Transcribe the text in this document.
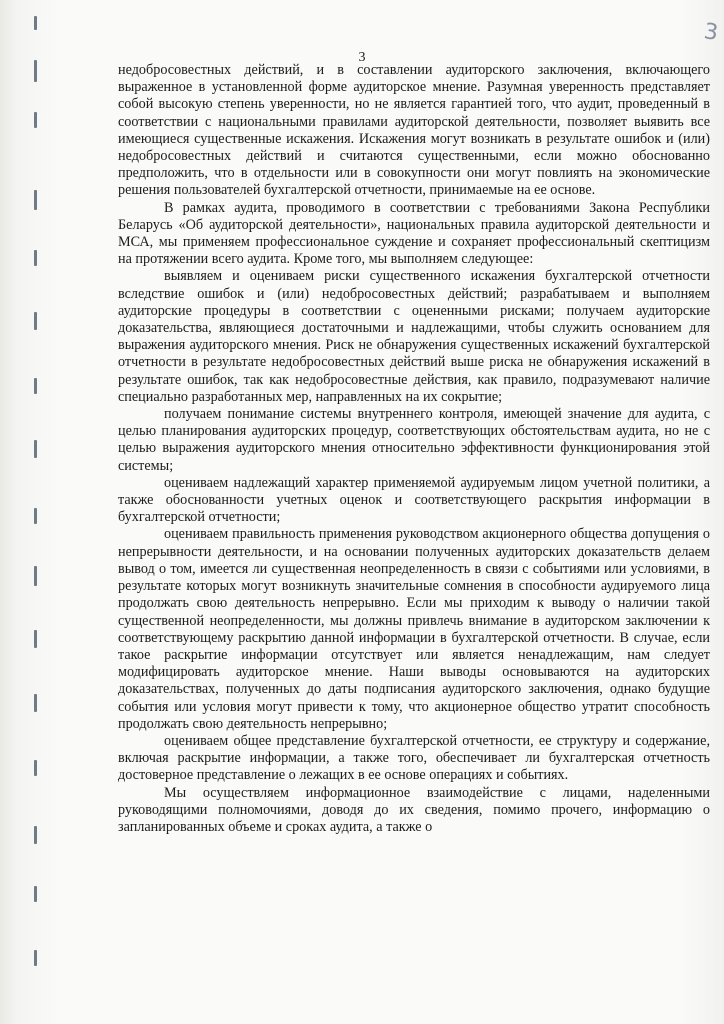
3
3

недобросовестных действий, и в составлении аудиторского заключения, включающего выраженное в установленной форме аудиторское мнение. Разумная уверенность представляет собой высокую степень уверенности, но не является гарантией того, что аудит, проведенный в соответствии с национальными правилами аудиторской деятельности, позволяет выявить все имеющиеся существенные искажения. Искажения могут возникать в результате ошибок и (или) недобросовестных действий и считаются существенными, если можно обоснованно предположить, что в отдельности или в совокупности они могут повлиять на экономические решения пользователей бухгалтерской отчетности, принимаемые на ее основе.

В рамках аудита, проводимого в соответствии с требованиями Закона Республики Беларусь «Об аудиторской деятельности», национальных правила аудиторской деятельности и МСА, мы применяем профессиональное суждение и сохраняет профессиональный скептицизм на протяжении всего аудита. Кроме того, мы выполняем следующее:

выявляем и оцениваем риски существенного искажения бухгалтерской отчетности вследствие ошибок и (или) недобросовестных действий; разрабатываем и выполняем аудиторские процедуры в соответствии с оцененными рисками; получаем аудиторские доказательства, являющиеся достаточными и надлежащими, чтобы служить основанием для выражения аудиторского мнения. Риск не обнаружения существенных искажений бухгалтерской отчетности в результате недобросовестных действий выше риска не обнаружения искажений в результате ошибок, так как недобросовестные действия, как правило, подразумевают наличие специально разработанных мер, направленных на их сокрытие;

получаем понимание системы внутреннего контроля, имеющей значение для аудита, с целью планирования аудиторских процедур, соответствующих обстоятельствам аудита, но не с целью выражения аудиторского мнения относительно эффективности функционирования этой системы;

оцениваем надлежащий характер применяемой аудируемым лицом учетной политики, а также обоснованности учетных оценок и соответствующего раскрытия информации в бухгалтерской отчетности;

оцениваем правильность применения руководством акционерного общества допущения о непрерывности деятельности, и на основании полученных аудиторских доказательств делаем вывод о том, имеется ли существенная неопределенность в связи с событиями или условиями, в результате которых могут возникнуть значительные сомнения в способности аудируемого лица продолжать свою деятельность непрерывно. Если мы приходим к выводу о наличии такой существенной неопределенности, мы должны привлечь внимание в аудиторском заключении к соответствующему раскрытию данной информации в бухгалтерской отчетности. В случае, если такое раскрытие информации отсутствует или является ненадлежащим, нам следует модифицировать аудиторское мнение. Наши выводы основываются на аудиторских доказательствах, полученных до даты подписания аудиторского заключения, однако будущие события или условия могут привести к тому, что акционерное общество утратит способность продолжать свою деятельность непрерывно;

оцениваем общее представление бухгалтерской отчетности, ее структуру и содержание, включая раскрытие информации, а также того, обеспечивает ли бухгалтерская отчетность достоверное представление о лежащих в ее основе операциях и событиях.

Мы осуществляем информационное взаимодействие с лицами, наделенными руководящими полномочиями, доводя до их сведения, помимо прочего, информацию о запланированных объеме и сроках аудита, а также о
